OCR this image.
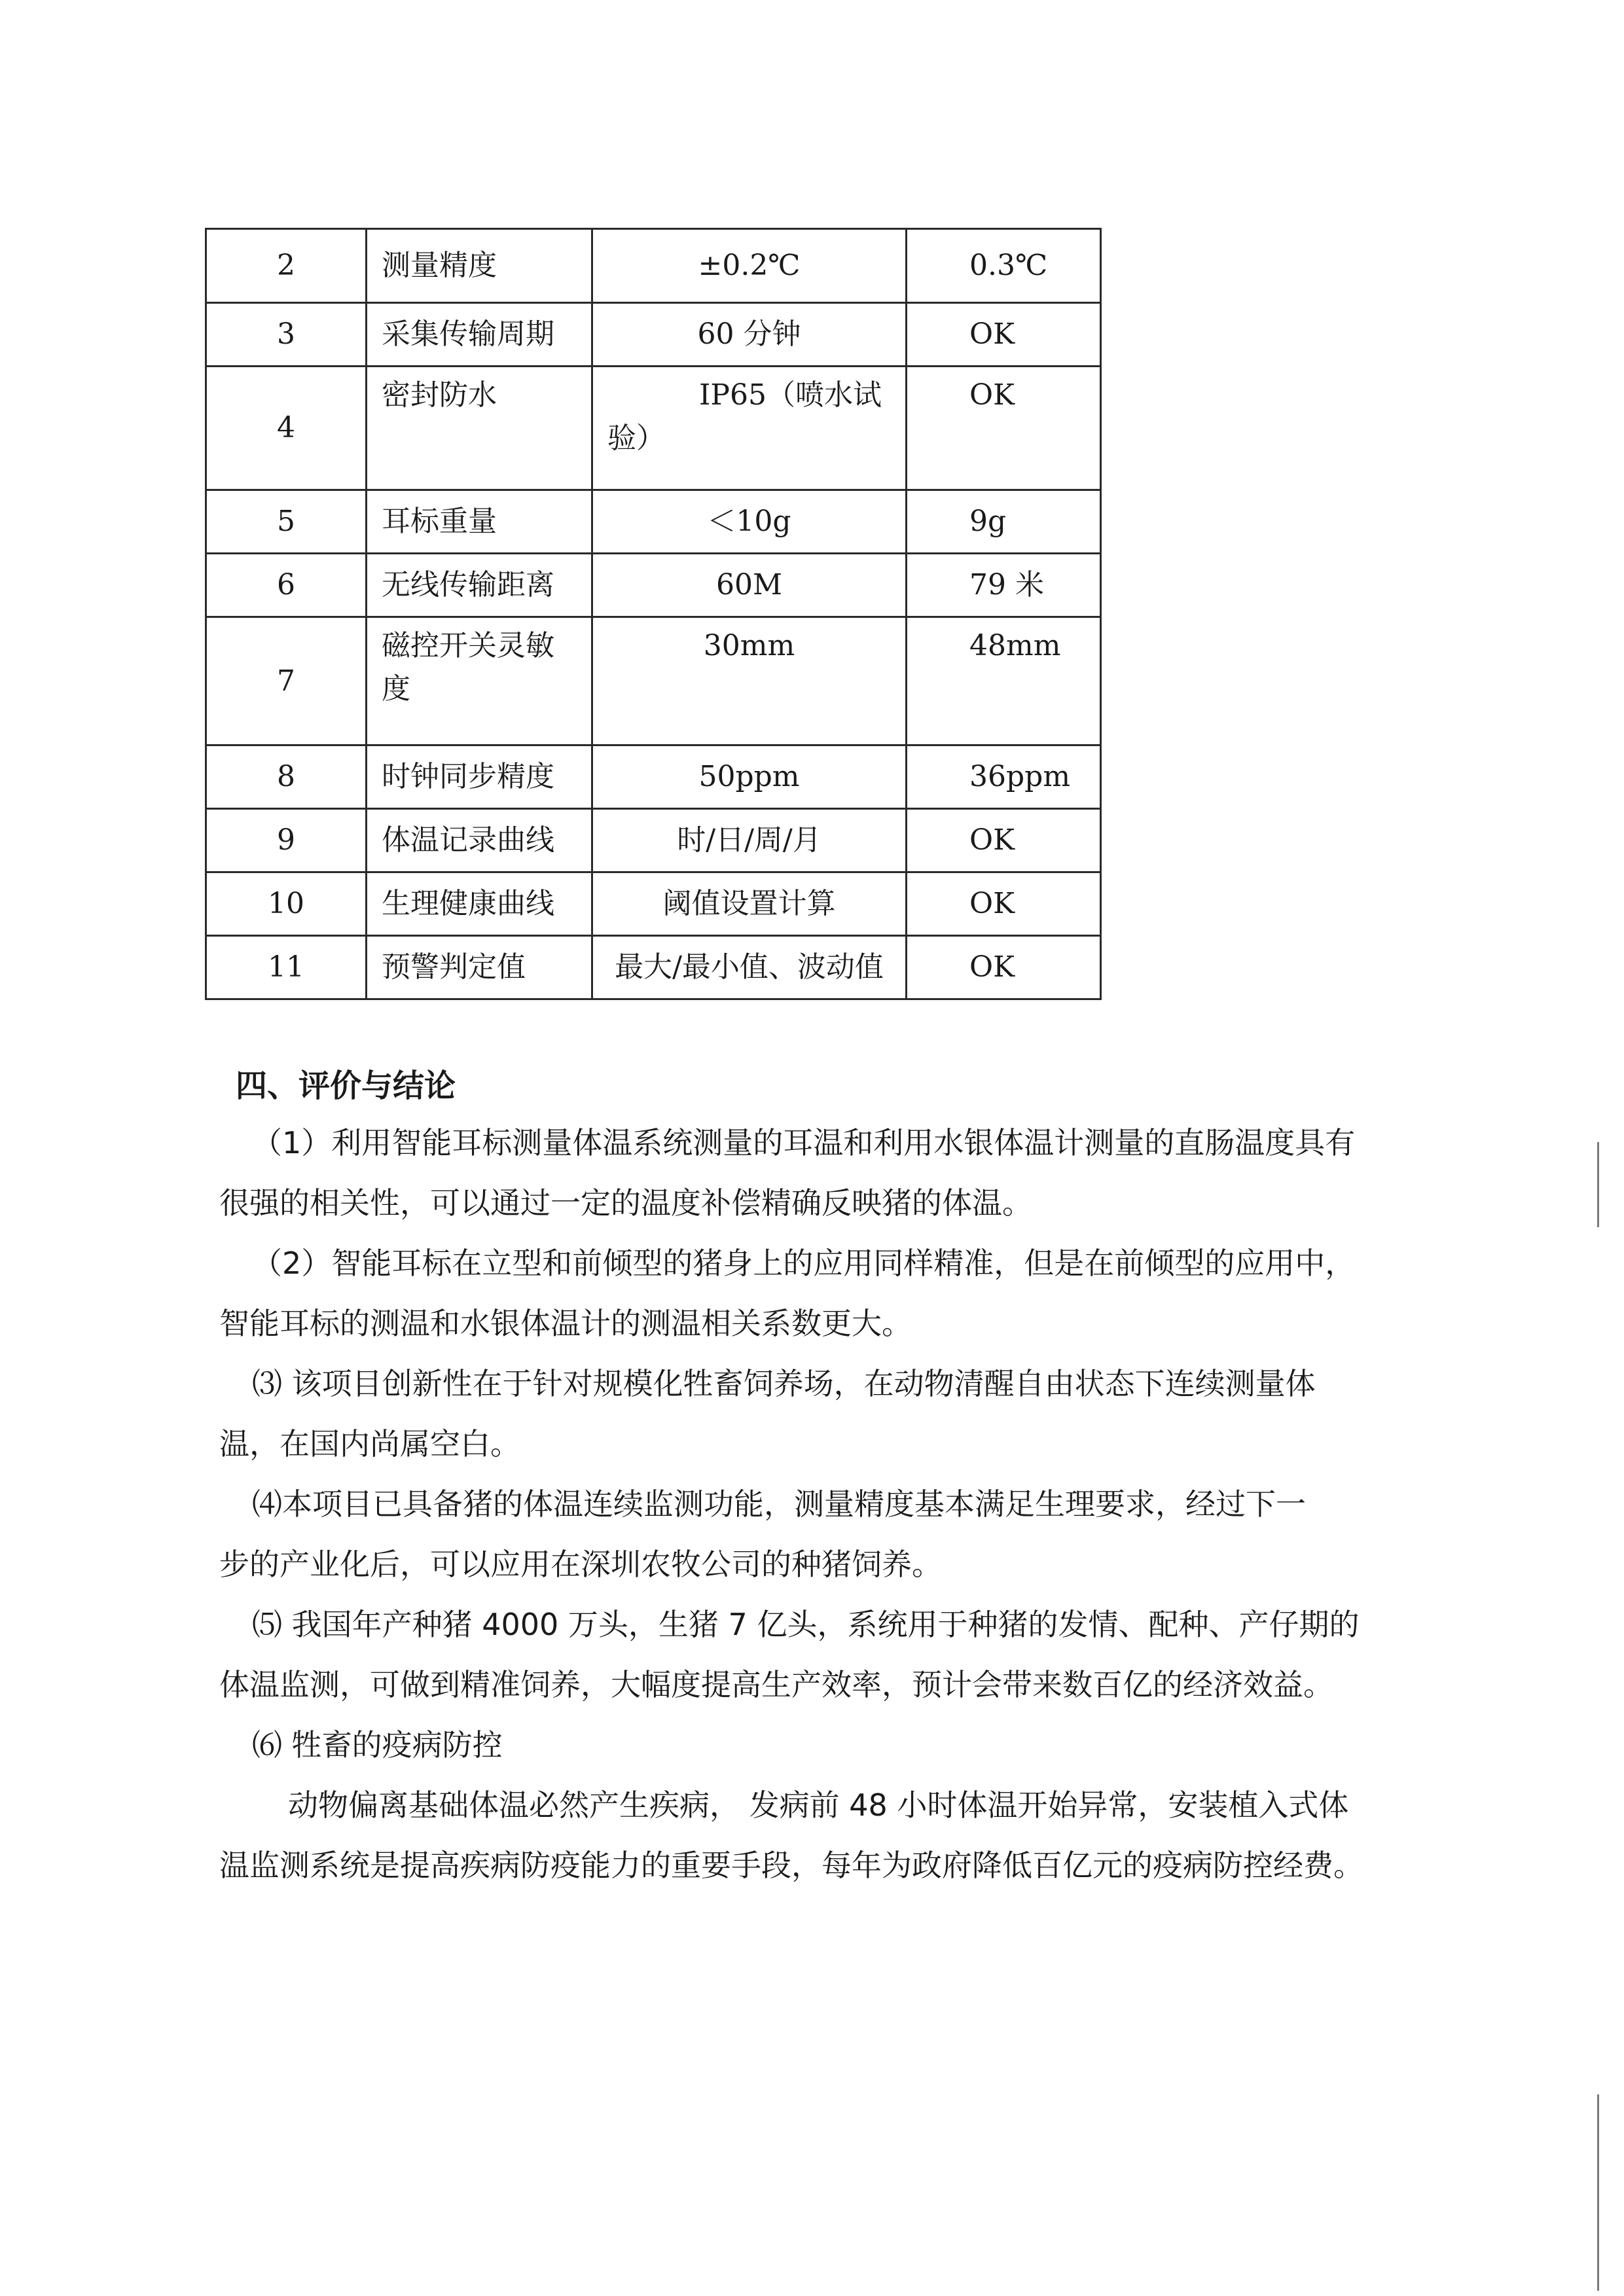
2	测量精度	±0.2℃	0.3℃
3	采集传输周期	60 分钟	OK
4	密封防水	IP65（喷水试验）	OK
5	耳标重量	＜10g	9g
6	无线传输距离	60M	79 米
7	磁控开关灵敏度	30mm	48mm
8	时钟同步精度	50ppm	36ppm
9	体温记录曲线	时/日/周/月	OK
10	生理健康曲线	阈值设置计算	OK
11	预警判定值	最大/最小值、波动值	OK
四、评价与结论
（1）利用智能耳标测量体温系统测量的耳温和利用水银体温计测量的直肠温度具有
很强的相关性，可以通过一定的温度补偿精确反映猪的体温。
（2）智能耳标在立型和前倾型的猪身上的应用同样精准，但是在前倾型的应用中，
智能耳标的测温和水银体温计的测温相关系数更大。
⑶ 该项目创新性在于针对规模化牲畜饲养场，在动物清醒自由状态下连续测量体
温，在国内尚属空白。
⑷本项目已具备猪的体温连续监测功能，测量精度基本满足生理要求，经过下一
步的产业化后，可以应用在深圳农牧公司的种猪饲养。
⑸ 我国年产种猪 4000 万头，生猪 7 亿头，系统用于种猪的发情、配种、产仔期的
体温监测，可做到精准饲养，大幅度提高生产效率，预计会带来数百亿的经济效益。
⑹ 牲畜的疫病防控
动物偏离基础体温必然产生疾病， 发病前 48 小时体温开始异常，安装植入式体
温监测系统是提高疾病防疫能力的重要手段，每年为政府降低百亿元的疫病防控经费。
